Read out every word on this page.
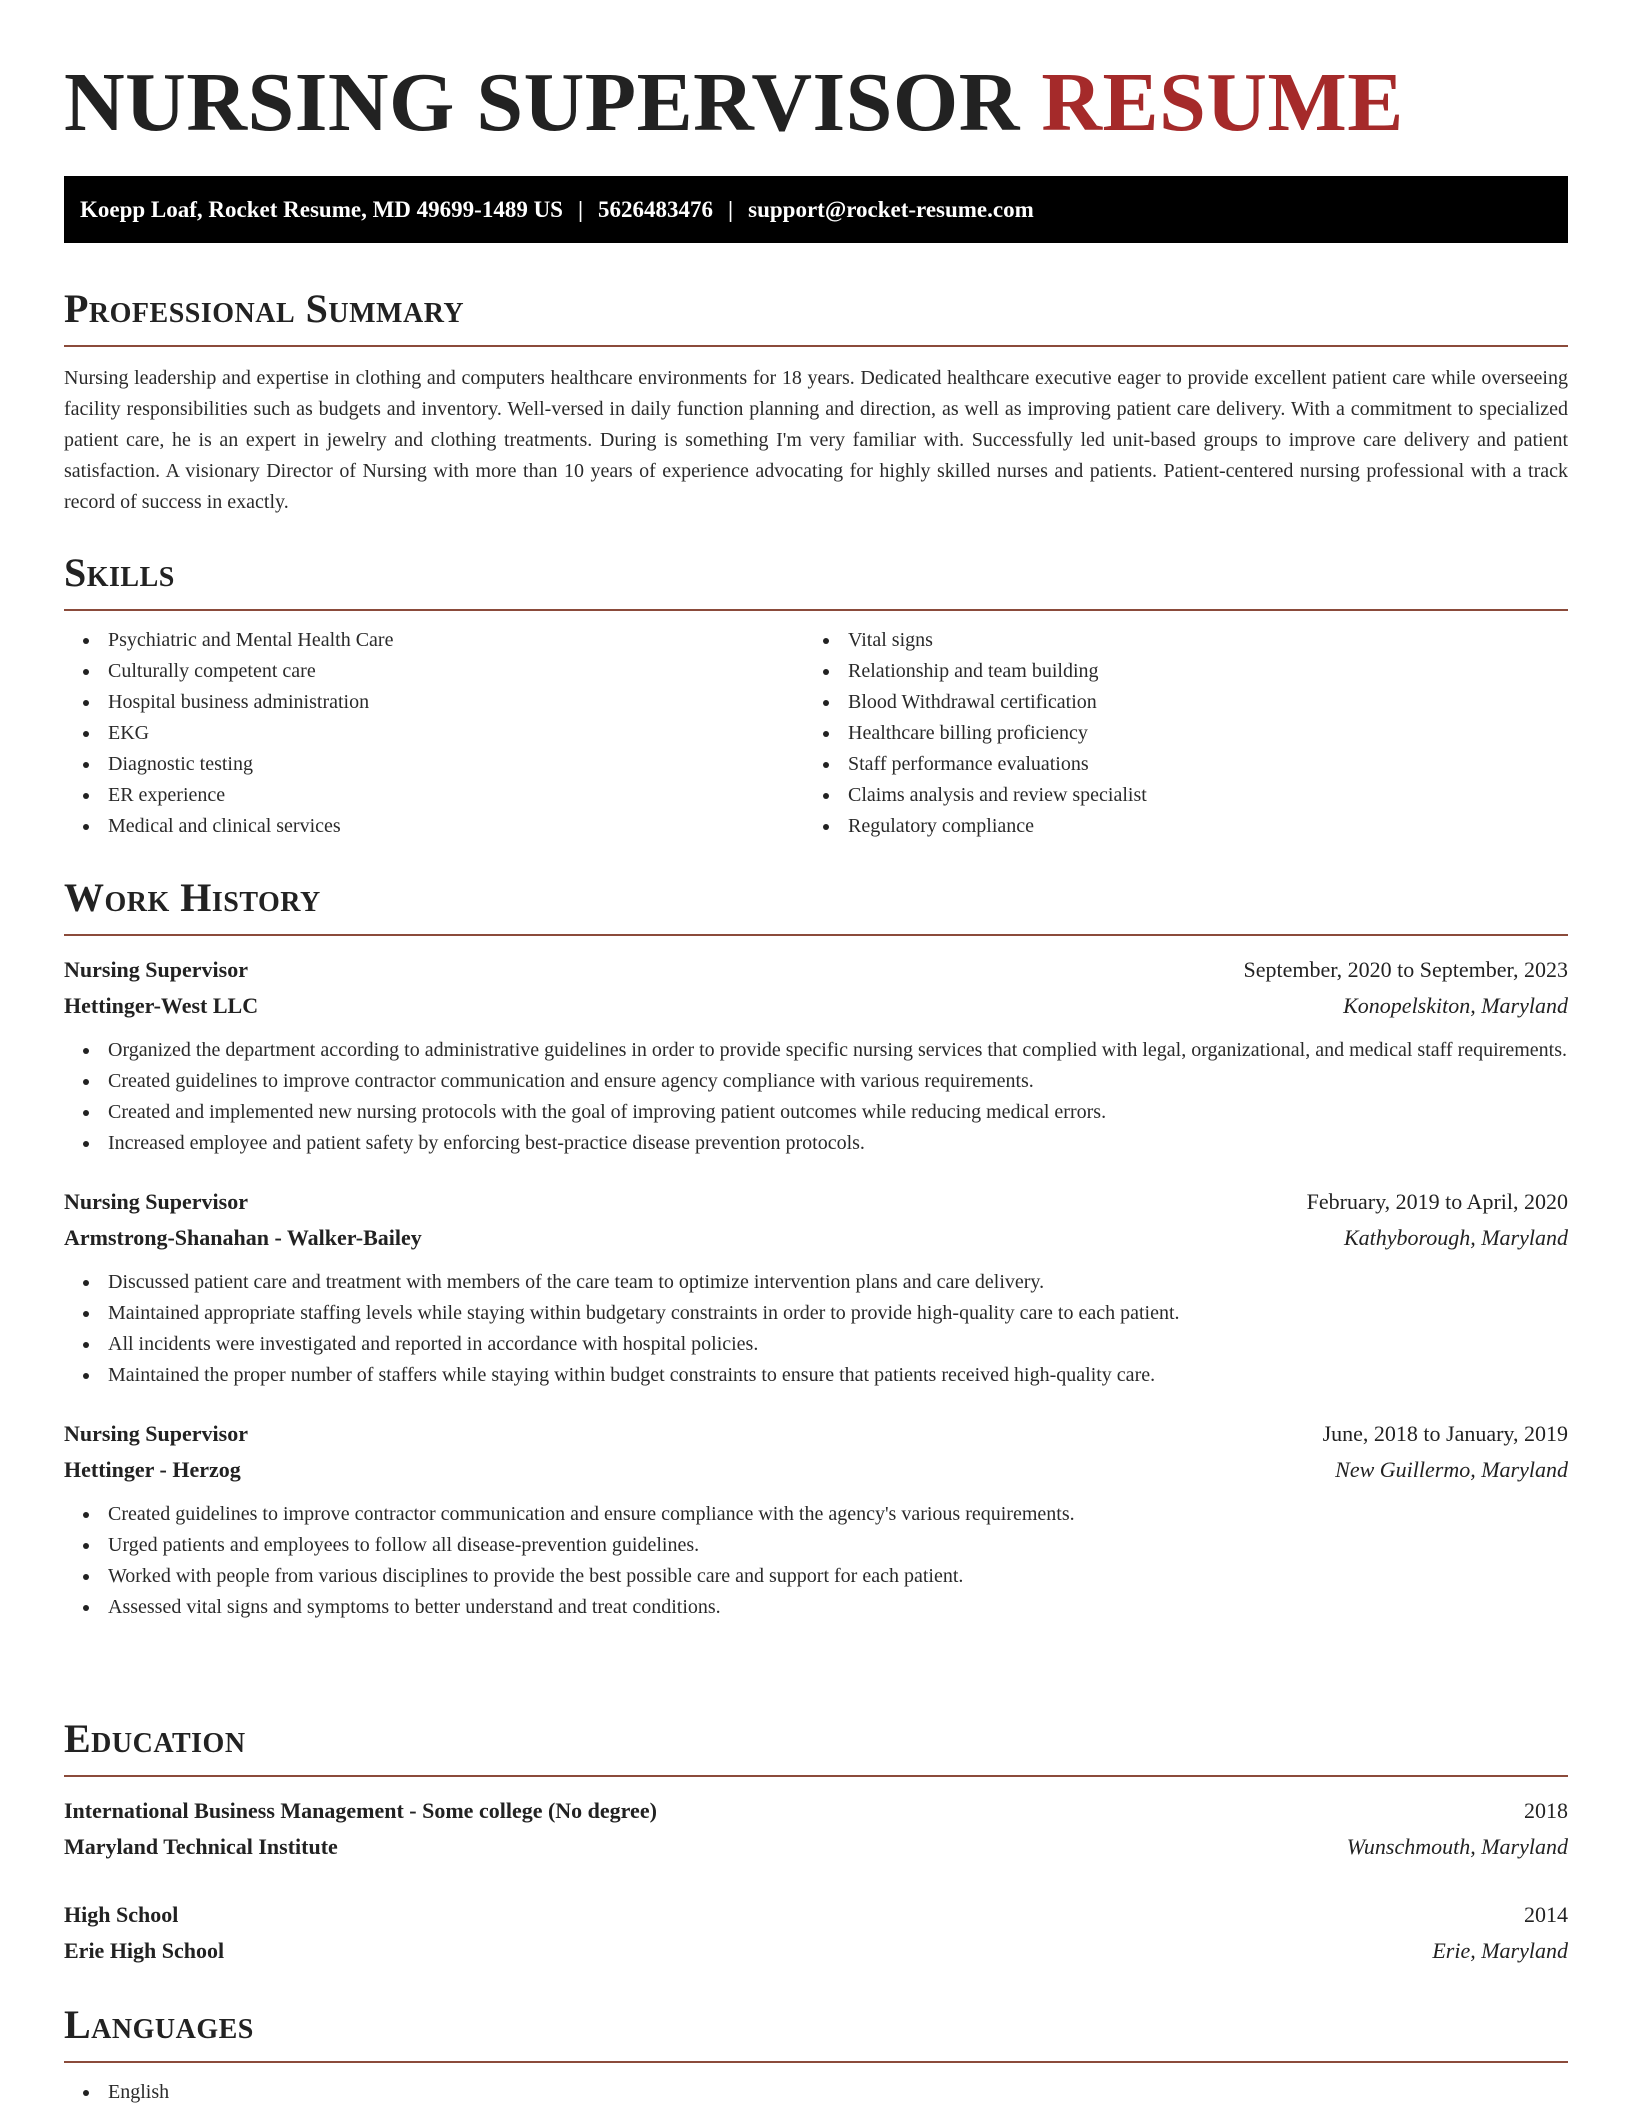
NURSING SUPERVISOR RESUME
Koepp Loaf, Rocket Resume, MD 49699-1489 US | 5626483476 | support@rocket-resume.com
Professional Summary

Nursing leadership and expertise in clothing and computers healthcare environments for 18 years. Dedicated healthcare executive eager to provide excellent patient care while overseeing facility responsibilities such as budgets and inventory. Well-versed in daily function planning and direction, as well as improving patient care delivery. With a commitment to specialized patient care, he is an expert in jewelry and clothing treatments. During is something I'm very familiar with. Successfully led unit-based groups to improve care delivery and patient satisfaction. A visionary Director of Nursing with more than 10 years of experience advocating for highly skilled nurses and patients. Patient-centered nursing professional with a track record of success in exactly.

Skills
Psychiatric and Mental Health Care
Culturally competent care
Hospital business administration
EKG
Diagnostic testing
ER experience
Medical and clinical services
Vital signs
Relationship and team building
Blood Withdrawal certification
Healthcare billing proficiency
Staff performance evaluations
Claims analysis and review specialist
Regulatory compliance
Work History
Nursing Supervisor	September, 2020 to September, 2023
Hettinger-West LLC	Konopelskiton, Maryland
Organized the department according to administrative guidelines in order to provide specific nursing services that complied with legal, organizational, and medical staff requirements.
Created guidelines to improve contractor communication and ensure agency compliance with various requirements.
Created and implemented new nursing protocols with the goal of improving patient outcomes while reducing medical errors.
Increased employee and patient safety by enforcing best-practice disease prevention protocols.
Nursing Supervisor	February, 2019 to April, 2020
Armstrong-Shanahan - Walker-Bailey	Kathyborough, Maryland
Discussed patient care and treatment with members of the care team to optimize intervention plans and care delivery.
Maintained appropriate staffing levels while staying within budgetary constraints in order to provide high-quality care to each patient.
All incidents were investigated and reported in accordance with hospital policies.
Maintained the proper number of staffers while staying within budget constraints to ensure that patients received high-quality care.
Nursing Supervisor	June, 2018 to January, 2019
Hettinger - Herzog	New Guillermo, Maryland
Created guidelines to improve contractor communication and ensure compliance with the agency's various requirements.
Urged patients and employees to follow all disease-prevention guidelines.
Worked with people from various disciplines to provide the best possible care and support for each patient.
Assessed vital signs and symptoms to better understand and treat conditions.
Education
International Business Management - Some college (No degree)	2018
Maryland Technical Institute	Wunschmouth, Maryland
High School	2014
Erie High School	Erie, Maryland
Languages
English
